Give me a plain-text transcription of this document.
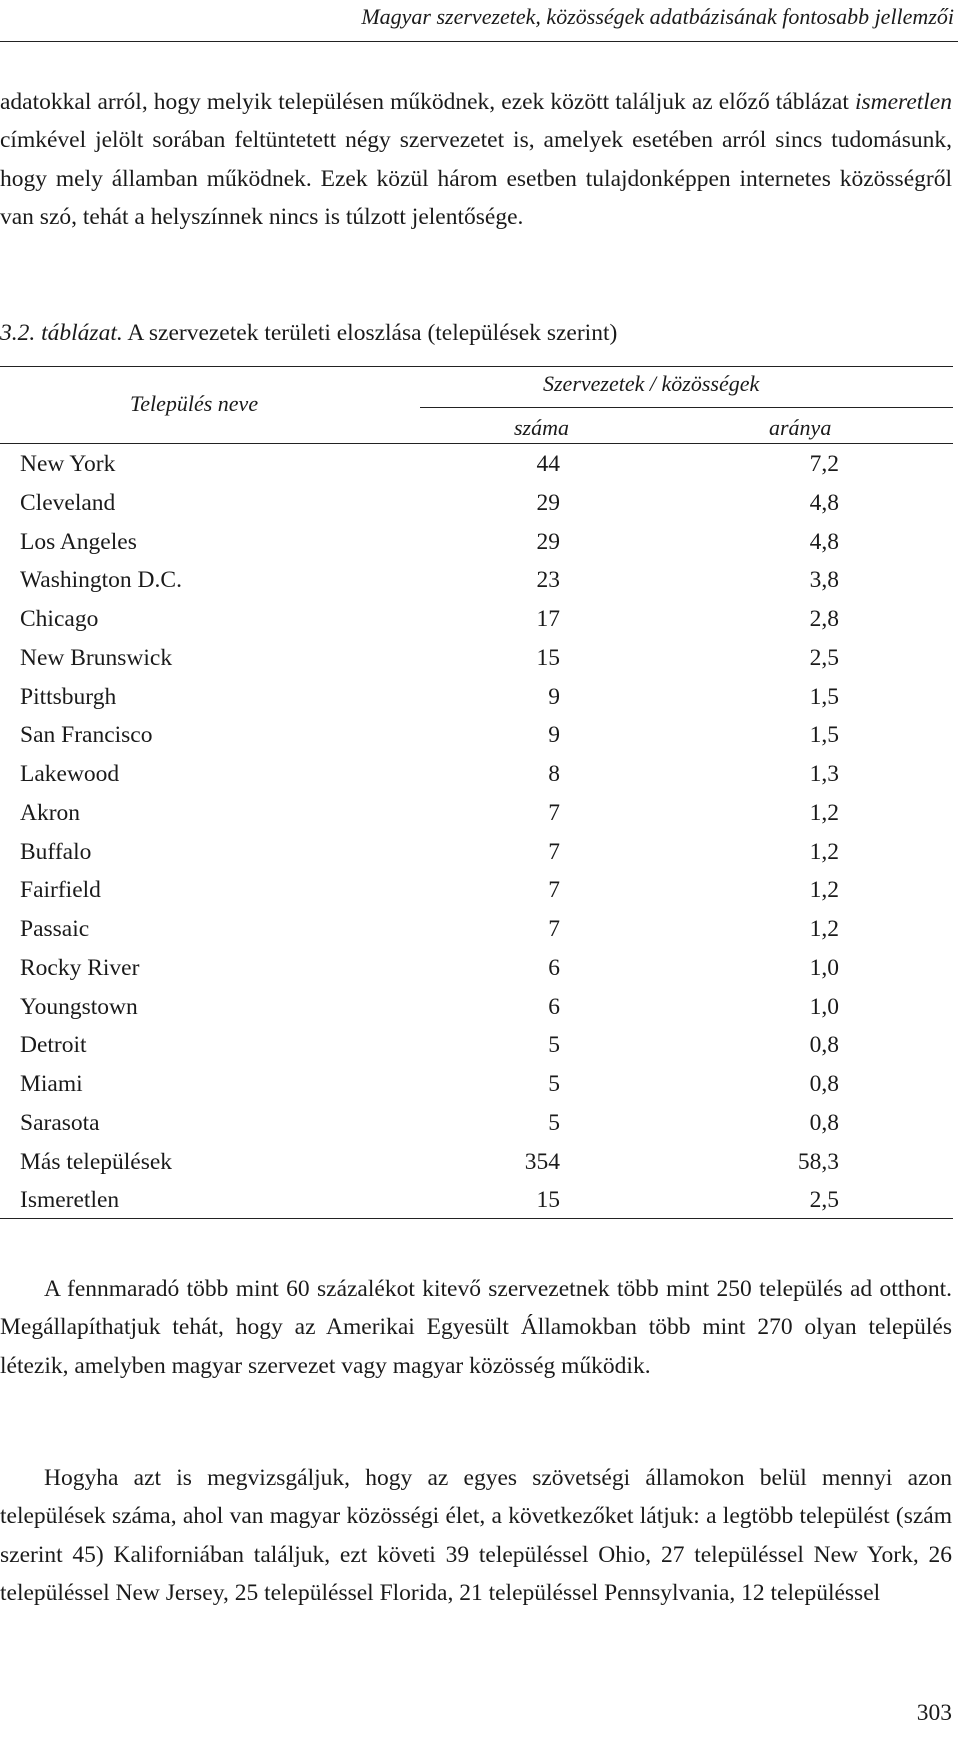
Magyar szervezetek, közösségek adatbázisának fontosabb jellemzői

adatokkal arról, hogy melyik településen működnek, ezek között találjuk az előző táblázat ismeretlen címkével jelölt sorában feltüntetett négy szervezetet is, amelyek esetében arról sincs tudomásunk, hogy mely államban működnek. Ezek közül három esetben tulajdonképpen internetes közösségről van szó, tehát a helyszínnek nincs is túlzott jelentősége.

3.2. táblázat. A szervezetek területi eloszlása (települések szerint)
Település neve
Szervezetek / közösségek
száma	aránya
New York	44	7,2
Cleveland	29	4,8
Los Angeles	29	4,8
Washington D.C.	23	3,8
Chicago	17	2,8
New Brunswick	15	2,5
Pittsburgh	9	1,5
San Francisco	9	1,5
Lakewood	8	1,3
Akron	7	1,2
Buffalo	7	1,2
Fairfield	7	1,2
Passaic	7	1,2
Rocky River	6	1,0
Youngstown	6	1,0
Detroit	5	0,8
Miami	5	0,8
Sarasota	5	0,8
Más települések	354	58,3
Ismeretlen	15	2,5

A fennmaradó több mint 60 százalékot kitevő szervezetnek több mint 250 település ad otthont. Megállapíthatjuk tehát, hogy az Amerikai Egyesült Államokban több mint 270 olyan település létezik, amelyben magyar szervezet vagy magyar közösség működik.

Hogyha azt is megvizsgáljuk, hogy az egyes szövetségi államokon belül mennyi azon települések száma, ahol van magyar közösségi élet, a következőket látjuk: a legtöbb települést (szám szerint 45) Kaliforniában találjuk, ezt követi 39 településsel Ohio, 27 településsel New York, 26 településsel New Jersey, 25 településsel Florida, 21 településsel Pennsylvania, 12 településsel

303
